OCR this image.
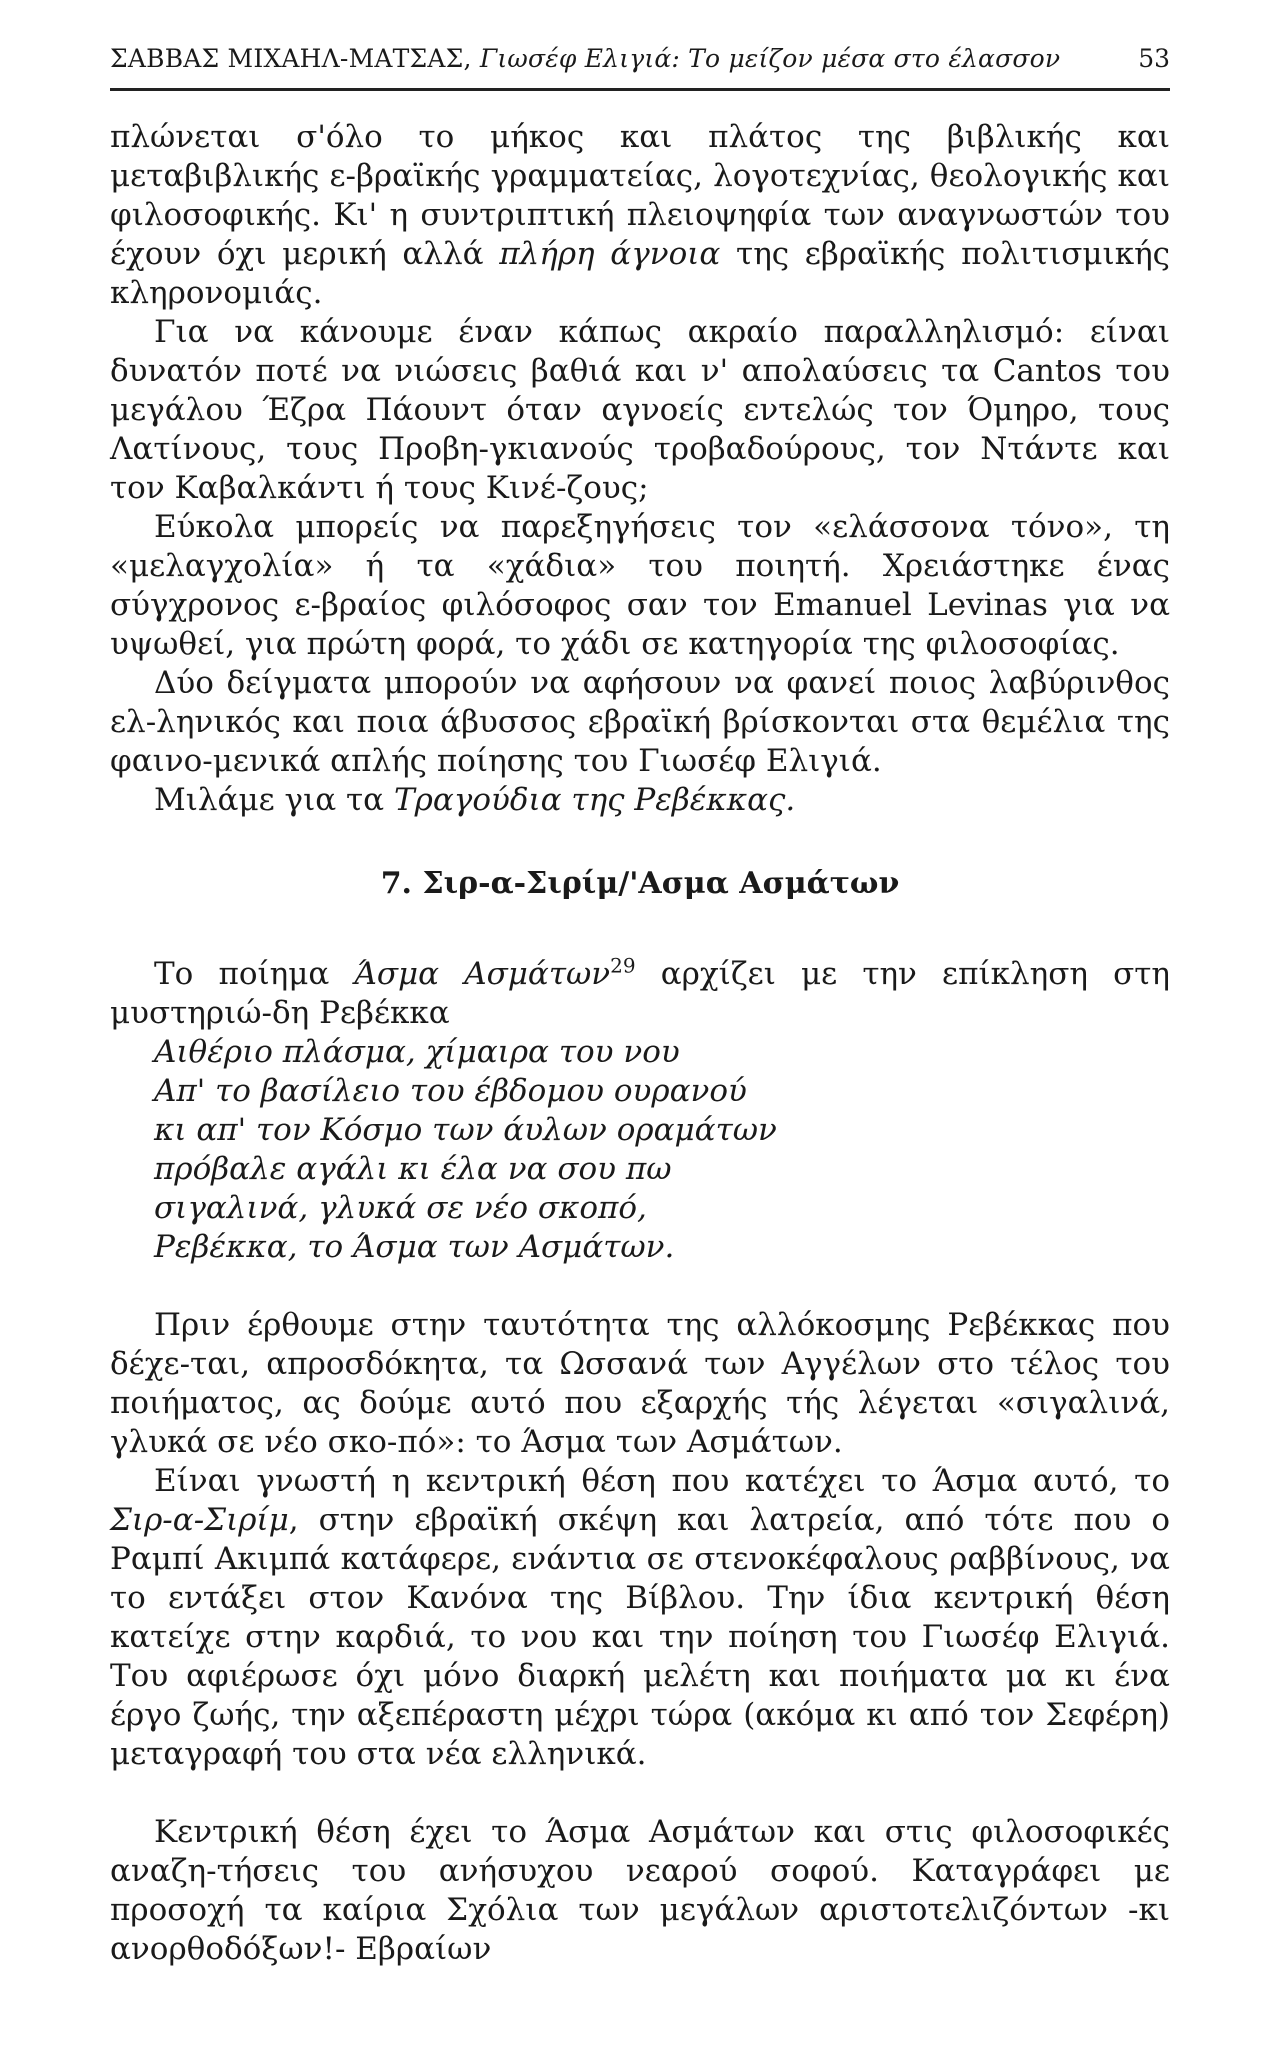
ΣΑΒΒΑΣ ΜΙΧΑΗΛ-ΜΑΤΣΑΣ, Γιωσέφ Ελιγιά: Το μείζον μέσα στο έλασσον	53

πλώνεται σ'όλο το μήκος και πλάτος της βιβλικής και μεταβιβλικής ε-βραϊκής γραμματείας, λογοτεχνίας, θεολογικής και φιλοσοφικής. Κι' η συντριπτική πλειοψηφία των αναγνωστών του έχουν όχι μερική αλλά πλήρη άγνοια της εβραϊκής πολιτισμικής κληρονομιάς.

Για να κάνουμε έναν κάπως ακραίο παραλληλισμό: είναι δυνατόν ποτέ να νιώσεις βαθιά και ν' απολαύσεις τα Cantos του μεγάλου Έζρα Πάουντ όταν αγνοείς εντελώς τον Όμηρο, τους Λατίνους, τους Προβη-γκιανούς τροβαδούρους, τον Ντάντε και τον Καβαλκάντι ή τους Κινέ-ζους;

Εύκολα μπορείς να παρεξηγήσεις τον «ελάσσονα τόνο», τη «μελαγχολία» ή τα «χάδια» του ποιητή. Χρειάστηκε ένας σύγχρονος ε-βραίος φιλόσοφος σαν τον Emanuel Levinas για να υψωθεί, για πρώτη φορά, το χάδι σε κατηγορία της φιλοσοφίας.

Δύο δείγματα μπορούν να αφήσουν να φανεί ποιος λαβύρινθος ελ-ληνικός και ποια άβυσσος εβραϊκή βρίσκονται στα θεμέλια της φαινο-μενικά απλής ποίησης του Γιωσέφ Ελιγιά.

Μιλάμε για τα Τραγούδια της Ρεβέκκας.

7. Σιρ-α-Σιρίμ/'Ασμα Ασμάτων

Το ποίημα Άσμα Ασμάτων$^{29}$ αρχίζει με την επίκληση στη μυστηριώ-δη Ρεβέκκα

Αιθέριο πλάσμα, χίμαιρα του νου
Απ' το βασίλειο του έβδομου ουρανού
κι απ' τον Κόσμο των άυλων οραμάτων
πρόβαλε αγάλι κι έλα να σου πω
σιγαλινά, γλυκά σε νέο σκοπό,
Ρεβέκκα, το Άσμα των Ασμάτων.

Πριν έρθουμε στην ταυτότητα της αλλόκοσμης Ρεβέκκας που δέχε-ται, απροσδόκητα, τα Ωσσανά των Αγγέλων στο τέλος του ποιήματος, ας δούμε αυτό που εξαρχής τής λέγεται «σιγαλινά, γλυκά σε νέο σκο-πό»: το Άσμα των Ασμάτων.

Είναι γνωστή η κεντρική θέση που κατέχει το Άσμα αυτό, το Σιρ-α-Σιρίμ, στην εβραϊκή σκέψη και λατρεία, από τότε που ο Ραμπί Ακιμπά κατάφερε, ενάντια σε στενοκέφαλους ραββίνους, να το εντάξει στον Κανόνα της Βίβλου. Την ίδια κεντρική θέση κατείχε στην καρδιά, το νου και την ποίηση του Γιωσέφ Ελιγιά. Του αφιέρωσε όχι μόνο διαρκή μελέτη και ποιήματα μα κι ένα έργο ζωής, την αξεπέραστη μέχρι τώρα (ακόμα κι από τον Σεφέρη) μεταγραφή του στα νέα ελληνικά.

Κεντρική θέση έχει το Άσμα Ασμάτων και στις φιλοσοφικές αναζη-τήσεις του ανήσυχου νεαρού σοφού. Καταγράφει με προσοχή τα καίρια Σχόλια των μεγάλων αριστοτελιζόντων -κι ανορθοδόξων!- Εβραίων
